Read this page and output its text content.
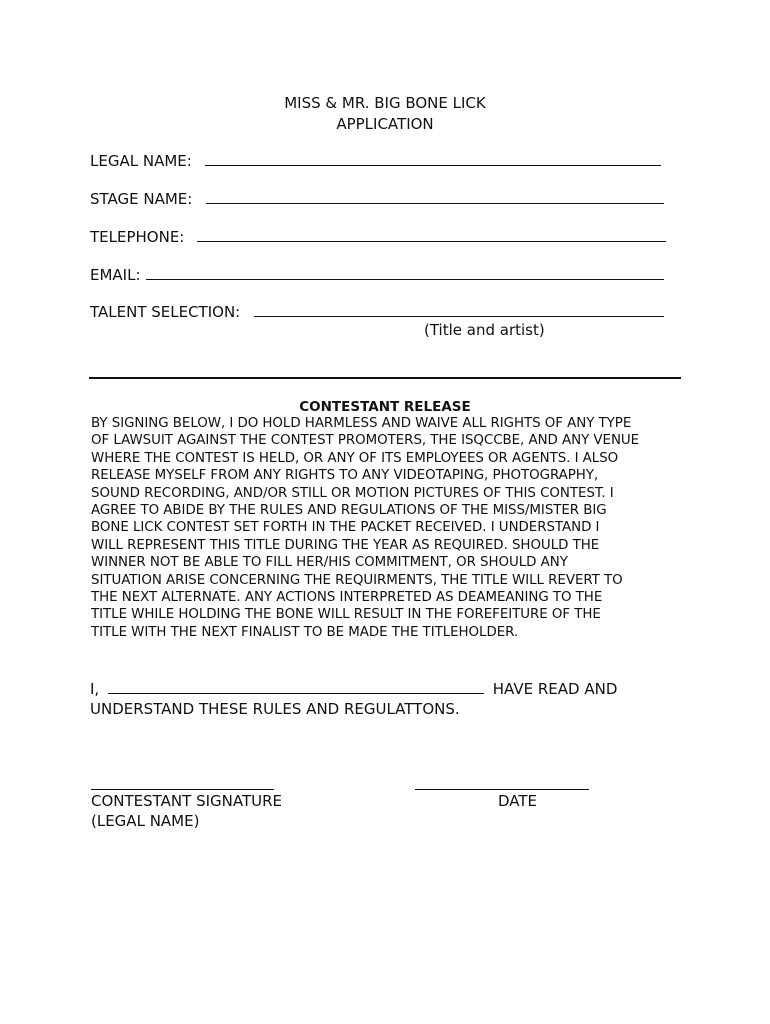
MISS & MR. BIG BONE LICK
APPLICATION
LEGAL NAME:
STAGE NAME:
TELEPHONE:
EMAIL:
TALENT SELECTION:
(Title and artist)
CONTESTANT RELEASE
BY SIGNING BELOW, I DO HOLD HARMLESS AND WAIVE ALL RIGHTS OF ANY TYPE
OF LAWSUIT AGAINST THE CONTEST PROMOTERS, THE ISQCCBE, AND ANY VENUE
WHERE THE CONTEST IS HELD, OR ANY OF ITS EMPLOYEES OR AGENTS. I ALSO
RELEASE MYSELF FROM ANY RIGHTS TO ANY VIDEOTAPING, PHOTOGRAPHY,
SOUND RECORDING, AND/OR STILL OR MOTION PICTURES OF THIS CONTEST. I
AGREE TO ABIDE BY THE RULES AND REGULATIONS OF THE MISS/MISTER BIG
BONE LICK CONTEST SET FORTH IN THE PACKET RECEIVED. I UNDERSTAND I
WILL REPRESENT THIS TITLE DURING THE YEAR AS REQUIRED. SHOULD THE
WINNER NOT BE ABLE TO FILL HER/HIS COMMITMENT, OR SHOULD ANY
SITUATION ARISE CONCERNING THE REQUIRMENTS, THE TITLE WILL REVERT TO
THE NEXT ALTERNATE. ANY ACTIONS INTERPRETED AS DEAMEANING TO THE
TITLE WHILE HOLDING THE BONE WILL RESULT IN THE FOREFEITURE OF THE
TITLE WITH THE NEXT FINALIST TO BE MADE THE TITLEHOLDER.
I,	HAVE READ AND
UNDERSTAND THESE RULES AND REGULATTONS.
CONTESTANT SIGNATURE
(LEGAL NAME)
DATE
